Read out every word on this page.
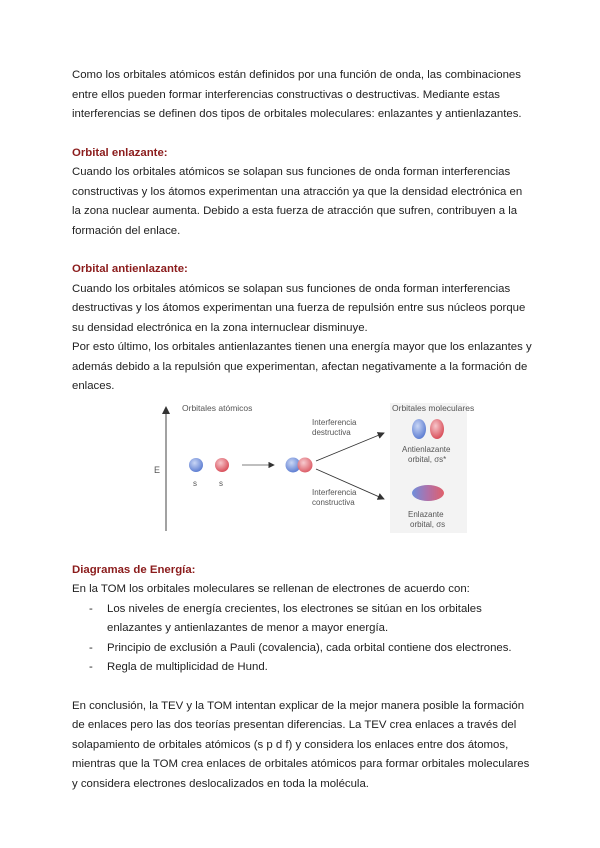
Como los orbitales atómicos están definidos por una función de onda, las combinaciones entre ellos pueden formar interferencias constructivas o destructivas. Mediante estas interferencias se definen dos tipos de orbitales moleculares: enlazantes y antienlazantes.

Orbital enlazante:

Cuando los orbitales atómicos se solapan sus funciones de onda forman interferencias constructivas y los átomos experimentan una atracción ya que la densidad electrónica en la zona nuclear aumenta. Debido a esta fuerza de atracción que sufren, contribuyen a la formación del enlace.

Orbital antienlazante:

Cuando los orbitales atómicos se solapan sus funciones de onda forman interferencias destructivas y los átomos experimentan una fuerza de repulsión entre sus núcleos porque su densidad electrónica en la zona internuclear disminuye.

Por esto último, los orbitales antienlazantes tienen una energía mayor que los enlazantes y además debido a la repulsión que experimentan, afectan negativamente a la formación de enlaces.

E
Orbitales atómicos	Orbitales moleculares
s	s
Interferencia
destructiva
Interferencia
constructiva
Antienlazante
orbital, σs*
Enlazante
orbital, σs
Diagramas de Energía:

En la TOM los orbitales moleculares se rellenan de electrones de acuerdo con:

- Los niveles de energía crecientes, los electrones se sitúan en los orbitales enlazantes y antienlazantes de menor a mayor energía.
- Principio de exclusión a Pauli (covalencia), cada orbital contiene dos electrones.
- Regla de multiplicidad de Hund.

En conclusión, la TEV y la TOM intentan explicar de la mejor manera posible la formación de enlaces pero las dos teorías presentan diferencias. La TEV crea enlaces a través del solapamiento de orbitales atómicos (s p d f) y considera los enlaces entre dos átomos, mientras que la TOM crea enlaces de orbitales atómicos para formar orbitales moleculares y considera electrones deslocalizados en toda la molécula.
